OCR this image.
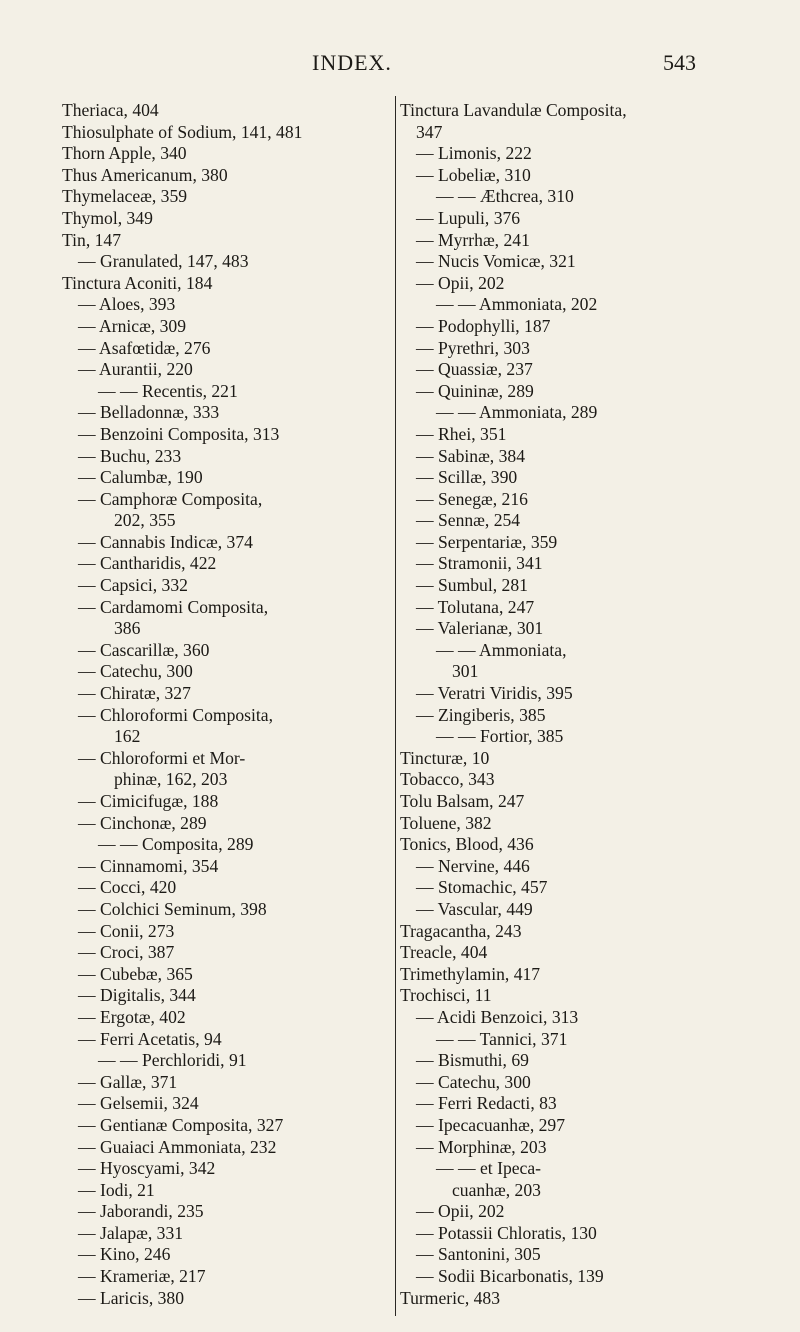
INDEX.	543
Theriaca, 404
Thiosulphate of Sodium, 141, 481
Thorn Apple, 340
Thus Americanum, 380
Thymelaceæ, 359
Thymol, 349
Tin, 147
— Granulated, 147, 483
Tinctura Aconiti, 184
— Aloes, 393
— Arnicæ, 309
— Asafœtidæ, 276
— Aurantii, 220
— — Recentis, 221
— Belladonnæ, 333
— Benzoini Composita, 313
— Buchu, 233
— Calumbæ, 190
— Camphoræ Composita,
202, 355
— Cannabis Indicæ, 374
— Cantharidis, 422
— Capsici, 332
— Cardamomi Composita,
386
— Cascarillæ, 360
— Catechu, 300
— Chiratæ, 327
— Chloroformi Composita,
162
— Chloroformi et Mor-
phinæ, 162, 203
— Cimicifugæ, 188
— Cinchonæ, 289
— — Composita, 289
— Cinnamomi, 354
— Cocci, 420
— Colchici Seminum, 398
— Conii, 273
— Croci, 387
— Cubebæ, 365
— Digitalis, 344
— Ergotæ, 402
— Ferri Acetatis, 94
— — Perchloridi, 91
— Gallæ, 371
— Gelsemii, 324
— Gentianæ Composita, 327
— Guaiaci Ammoniata, 232
— Hyoscyami, 342
— Iodi, 21
— Jaborandi, 235
— Jalapæ, 331
— Kino, 246
— Krameriæ, 217
— Laricis, 380
Tinctura Lavandulæ Composita,
347
— Limonis, 222
— Lobeliæ, 310
— — Æthcrea, 310
— Lupuli, 376
— Myrrhæ, 241
— Nucis Vomicæ, 321
— Opii, 202
— — Ammoniata, 202
— Podophylli, 187
— Pyrethri, 303
— Quassiæ, 237
— Quininæ, 289
— — Ammoniata, 289
— Rhei, 351
— Sabinæ, 384
— Scillæ, 390
— Senegæ, 216
— Sennæ, 254
— Serpentariæ, 359
— Stramonii, 341
— Sumbul, 281
— Tolutana, 247
— Valerianæ, 301
— — Ammoniata,
301
— Veratri Viridis, 395
— Zingiberis, 385
— — Fortior, 385
Tincturæ, 10
Tobacco, 343
Tolu Balsam, 247
Toluene, 382
Tonics, Blood, 436
— Nervine, 446
— Stomachic, 457
— Vascular, 449
Tragacantha, 243
Treacle, 404
Trimethylamin, 417
Trochisci, 11
— Acidi Benzoici, 313
— — Tannici, 371
— Bismuthi, 69
— Catechu, 300
— Ferri Redacti, 83
— Ipecacuanhæ, 297
— Morphinæ, 203
— — et Ipeca-
cuanhæ, 203
— Opii, 202
— Potassii Chloratis, 130
— Santonini, 305
— Sodii Bicarbonatis, 139
Turmeric, 483
